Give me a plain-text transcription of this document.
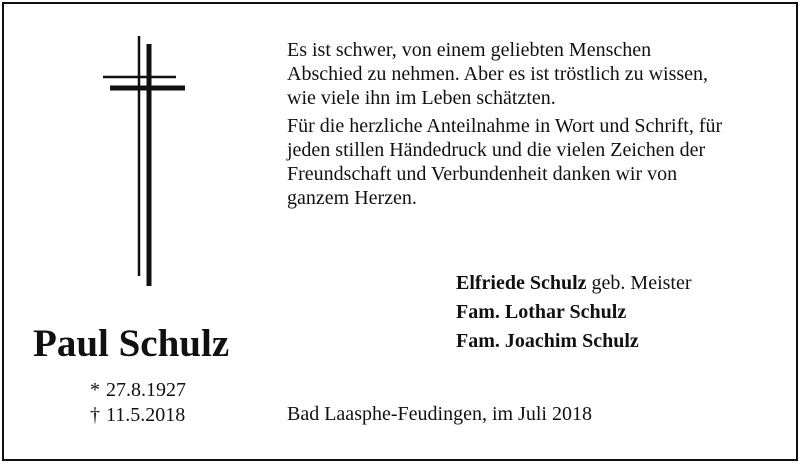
Es ist schwer, von einem geliebten Menschen
Abschied zu nehmen. Aber es ist tröstlich zu wissen,
wie viele ihn im Leben schätzten.

Für die herzliche Anteilnahme in Wort und Schrift, für
jeden stillen Händedruck und die vielen Zeichen der
Freundschaft und Verbundenheit danken wir von
ganzem Herzen.

Elfriede Schulz geb. Meister
Fam. Lothar Schulz
Fam. Joachim Schulz
Paul Schulz
* 27.8.1927
† 11.5.2018	Bad Laasphe-Feudingen, im Juli 2018
